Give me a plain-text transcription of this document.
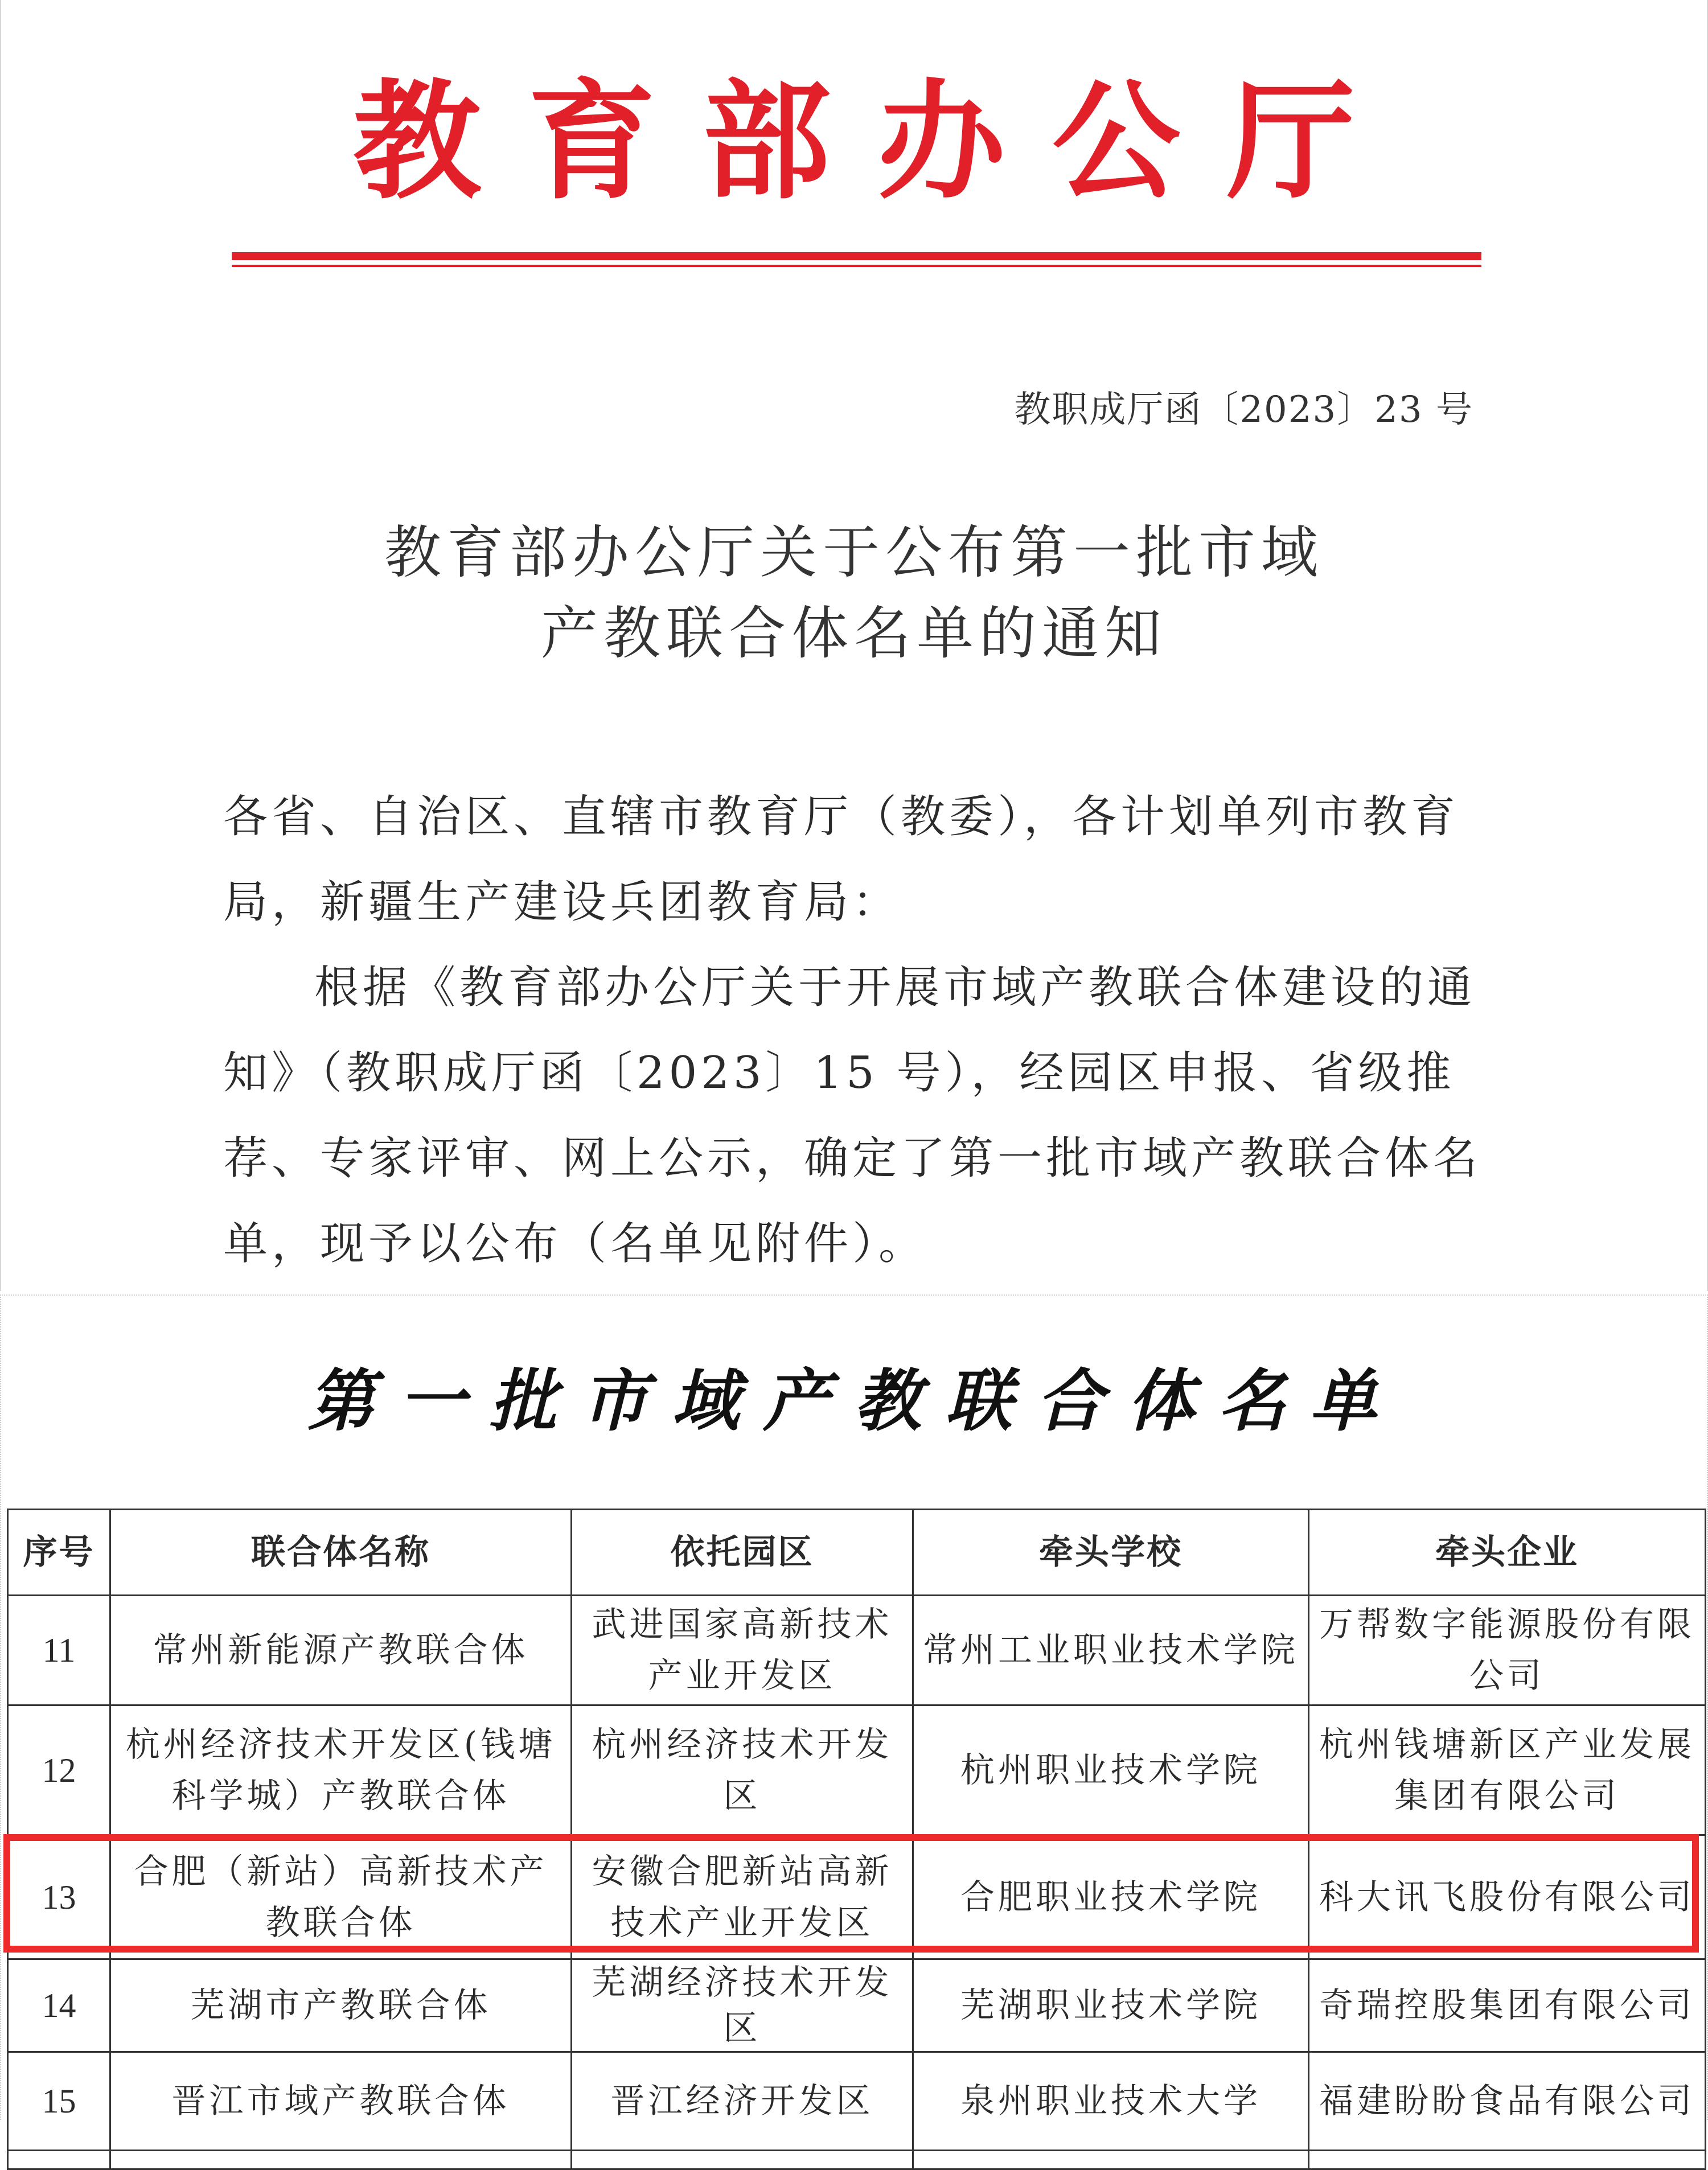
教 育 部 办 公 厅
教职成厅函〔2023〕23 号
教育部办公厅关于公布第一批市域
产教联合体名单的通知

各省、自治区、直辖市教育厅（教委），各计划单列市教育局，新疆生产建设兵团教育局：

根据《教育部办公厅关于开展市域产教联合体建设的通知》（教职成厅函〔2023〕15 号），经园区申报、省级推荐、专家评审、网上公示，确定了第一批市域产教联合体名单，现予以公布（名单见附件）。

第一批市域产教联合体名单
序号	联合体名称	依托园区	牵头学校	牵头企业
11	常州新能源产教联合体	武进国家高新技术产业开发区	常州工业职业技术学院	万帮数字能源股份有限公司
12	杭州经济技术开发区(钱塘科学城）产教联合体	杭州经济技术开发区	杭州职业技术学院	杭州钱塘新区产业发展集团有限公司
13	合肥（新站）高新技术产教联合体	安徽合肥新站高新技术产业开发区	合肥职业技术学院	科大讯飞股份有限公司
14	芜湖市产教联合体	芜湖经济技术开发区	芜湖职业技术学院	奇瑞控股集团有限公司
15	晋江市域产教联合体	晋江经济开发区	泉州职业技术大学	福建盼盼食品有限公司
